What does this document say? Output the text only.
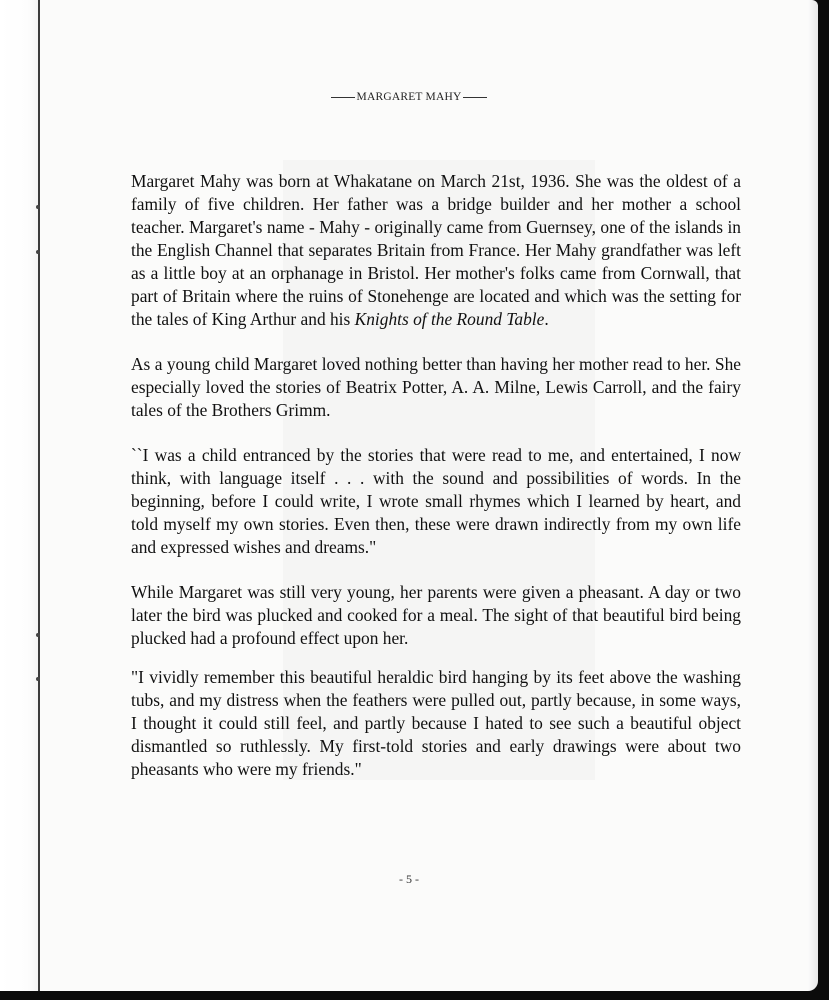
MARGARET MAHY

Margaret Mahy was born at Whakatane on March 21st, 1936. She was the oldest of a family of five children. Her father was a bridge builder and her mother a school teacher. Margaret's name - Mahy - originally came from Guernsey, one of the islands in the English Channel that separates Britain from France. Her Mahy grandfather was left as a little boy at an orphanage in Bristol. Her mother's folks came from Cornwall, that part of Britain where the ruins of Stonehenge are located and which was the setting for the tales of King Arthur and his Knights of the Round Table.

As a young child Margaret loved nothing better than having her mother read to her. She especially loved the stories of Beatrix Potter, A. A. Milne, Lewis Carroll, and the fairy tales of the Brothers Grimm.

``I was a child entranced by the stories that were read to me, and entertained, I now think, with language itself . . . with the sound and possibilities of words. In the beginning, before I could write, I wrote small rhymes which I learned by heart, and told myself my own stories. Even then, these were drawn indirectly from my own life and expressed wishes and dreams."

While Margaret was still very young, her parents were given a pheasant. A day or two later the bird was plucked and cooked for a meal. The sight of that beautiful bird being plucked had a profound effect upon her.

"I vividly remember this beautiful heraldic bird hanging by its feet above the washing tubs, and my distress when the feathers were pulled out, partly because, in some ways, I thought it could still feel, and partly because I hated to see such a beautiful object dismantled so ruthlessly. My first-told stories and early drawings were about two pheasants who were my friends."

- 5 -
